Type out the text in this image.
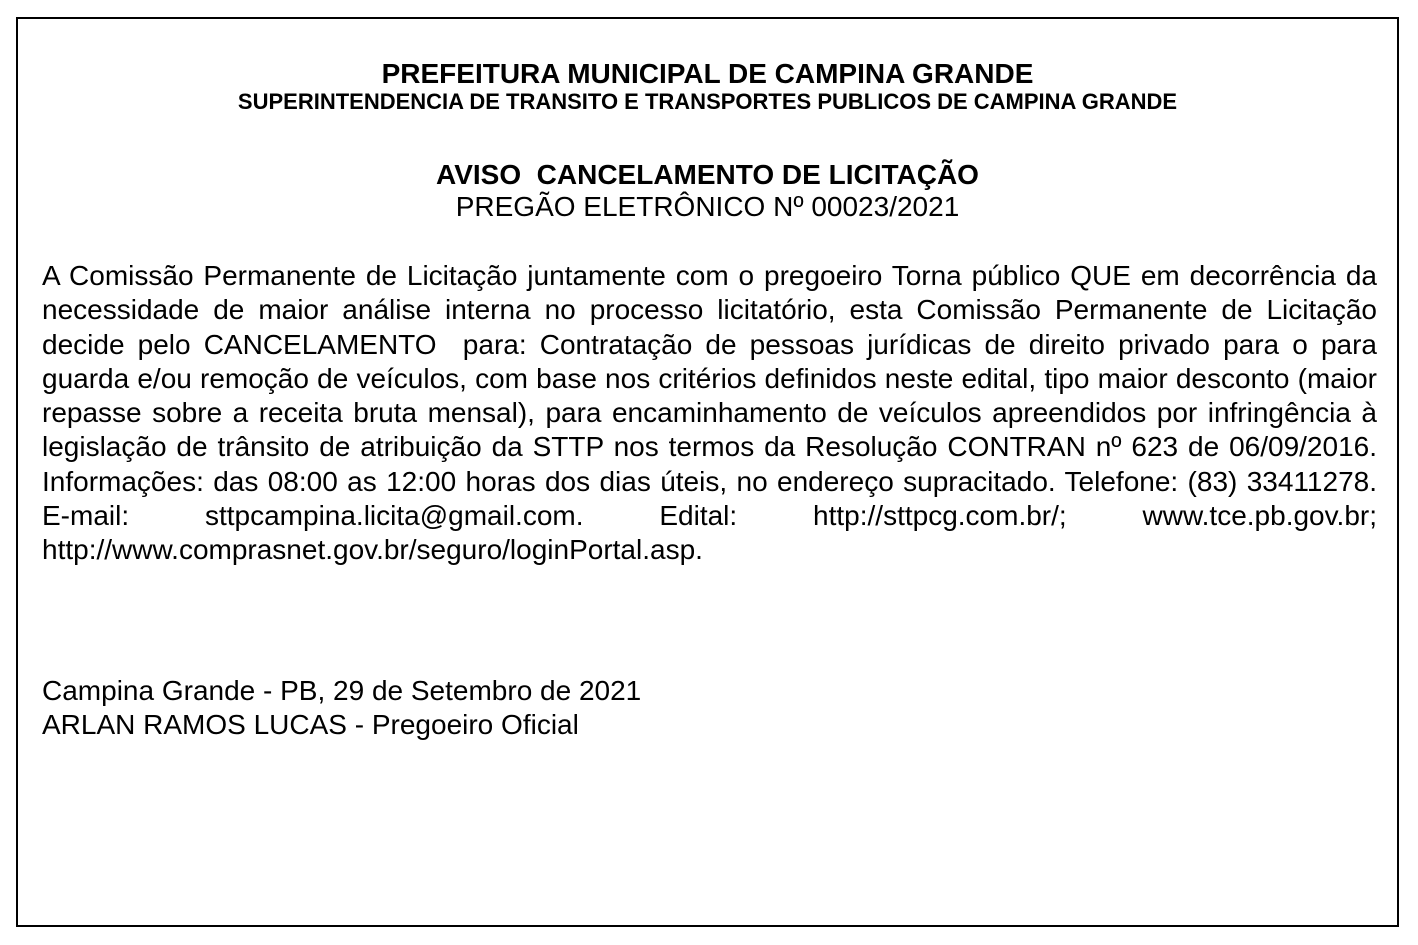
PREFEITURA MUNICIPAL DE CAMPINA GRANDE
SUPERINTENDENCIA DE TRANSITO E TRANSPORTES PUBLICOS DE CAMPINA GRANDE
AVISO  CANCELAMENTO DE LICITAÇÃO
PREGÃO ELETRÔNICO Nº 00023/2021

A Comissão Permanente de Licitação juntamente com o pregoeiro Torna público QUE em decorrência da necessidade de maior análise interna no processo licitatório, esta Comissão Permanente de Licitação decide pelo CANCELAMENTO  para: Contratação de pessoas jurídicas de direito privado para o para guarda e/ou remoção de veículos, com base nos critérios definidos neste edital, tipo maior desconto (maior repasse sobre a receita bruta mensal), para encaminhamento de veículos apreendidos por infringência à legislação de trânsito de atribuição da STTP nos termos da Resolução CONTRAN nº 623 de 06/09/2016. Informações: das 08:00 as 12:00 horas dos dias úteis, no endereço supracitado. Telefone: (83) 33411278. E-mail: sttpcampina.licita@gmail.com. Edital: http://sttpcg.com.br/; www.tce.pb.gov.br; http://www.comprasnet.gov.br/seguro/loginPortal.asp.

Campina Grande - PB, 29 de Setembro de 2021
ARLAN RAMOS LUCAS - Pregoeiro Oficial
